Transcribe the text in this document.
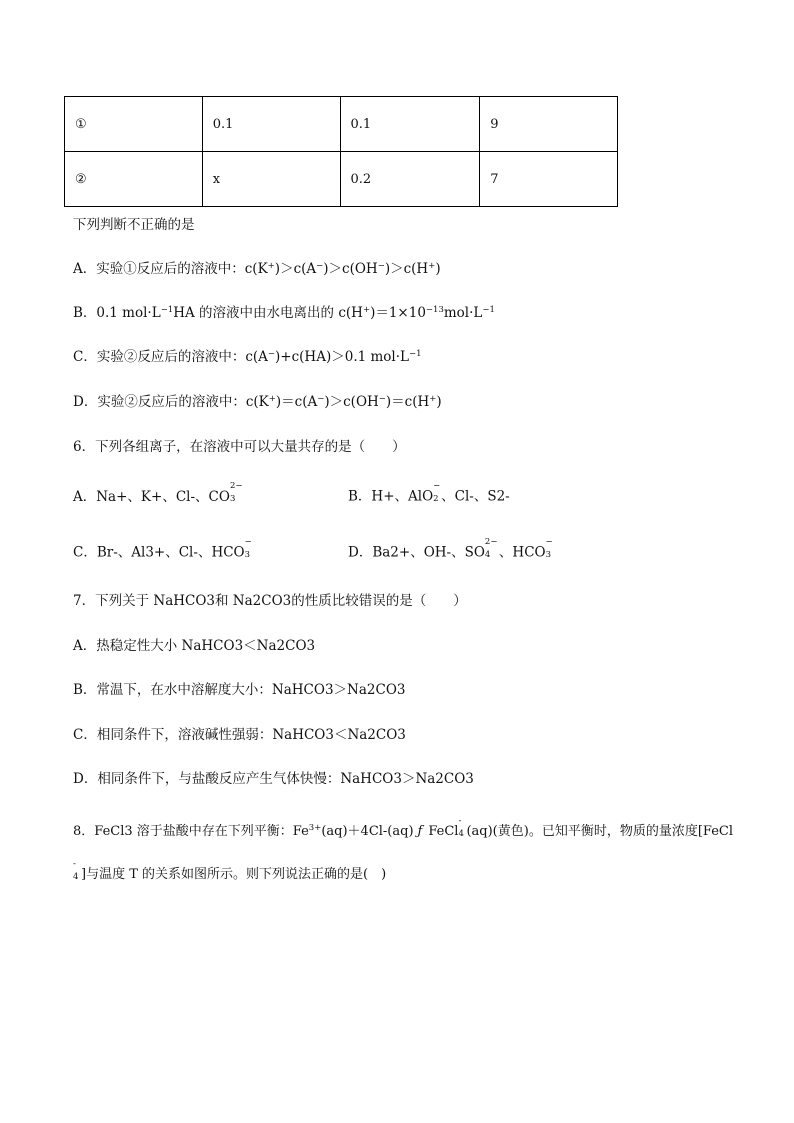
①	0.1	0.1	9
②	x	0.2	7
下列判断不正确的是
A．实验①反应后的溶液中：c(K+)＞c(A−)＞c(OH−)＞c(H+)
B．0.1 $mol\cdot L^{-1}HA$ 的溶液中由水电离出的 $c(H^+)=1\times 10^{-13}mol\cdot L^{-1}$
C．实验②反应后的溶液中：c(A−)+c(HA)＞0.1 $mol\cdot L^{-1}$
D．实验②反应后的溶液中：c(K+)＝c(A−)＞c(OH−)＝c(H+)
6．下列各组离子，在溶液中可以大量共存的是（　　）
A．Na+、K+、Cl-、CO
2−
3	B．H+、AlO
−
2 、Cl-、S2-
C．Br-、Al3+、Cl-、HCO
−
3	D．Ba2+、OH-、SO
2−
4 、HCO
−
3
7．下列关于 NaHCO3和 Na2CO3的性质比较错误的是（　　）
A．热稳定性大小 NaHCO3＜Na2CO3
B．常温下，在水中溶解度大小：NaHCO3＞Na2CO3
C．相同条件下，溶液碱性强弱：NaHCO3＜Na2CO3
D．相同条件下，与盐酸反应产生气体快慢：NaHCO3＞Na2CO3
8．FeCl3 溶于盐酸中存在下列平衡：$Fe^{3+}(aq)+4Cl-(aq)$ ƒ FeCl
-
4 (aq)(黄色)。已知平衡时，物质的量浓度[FeCl
-
4 ]与温度 T 的关系如图所示。则下列说法正确的是(　)
